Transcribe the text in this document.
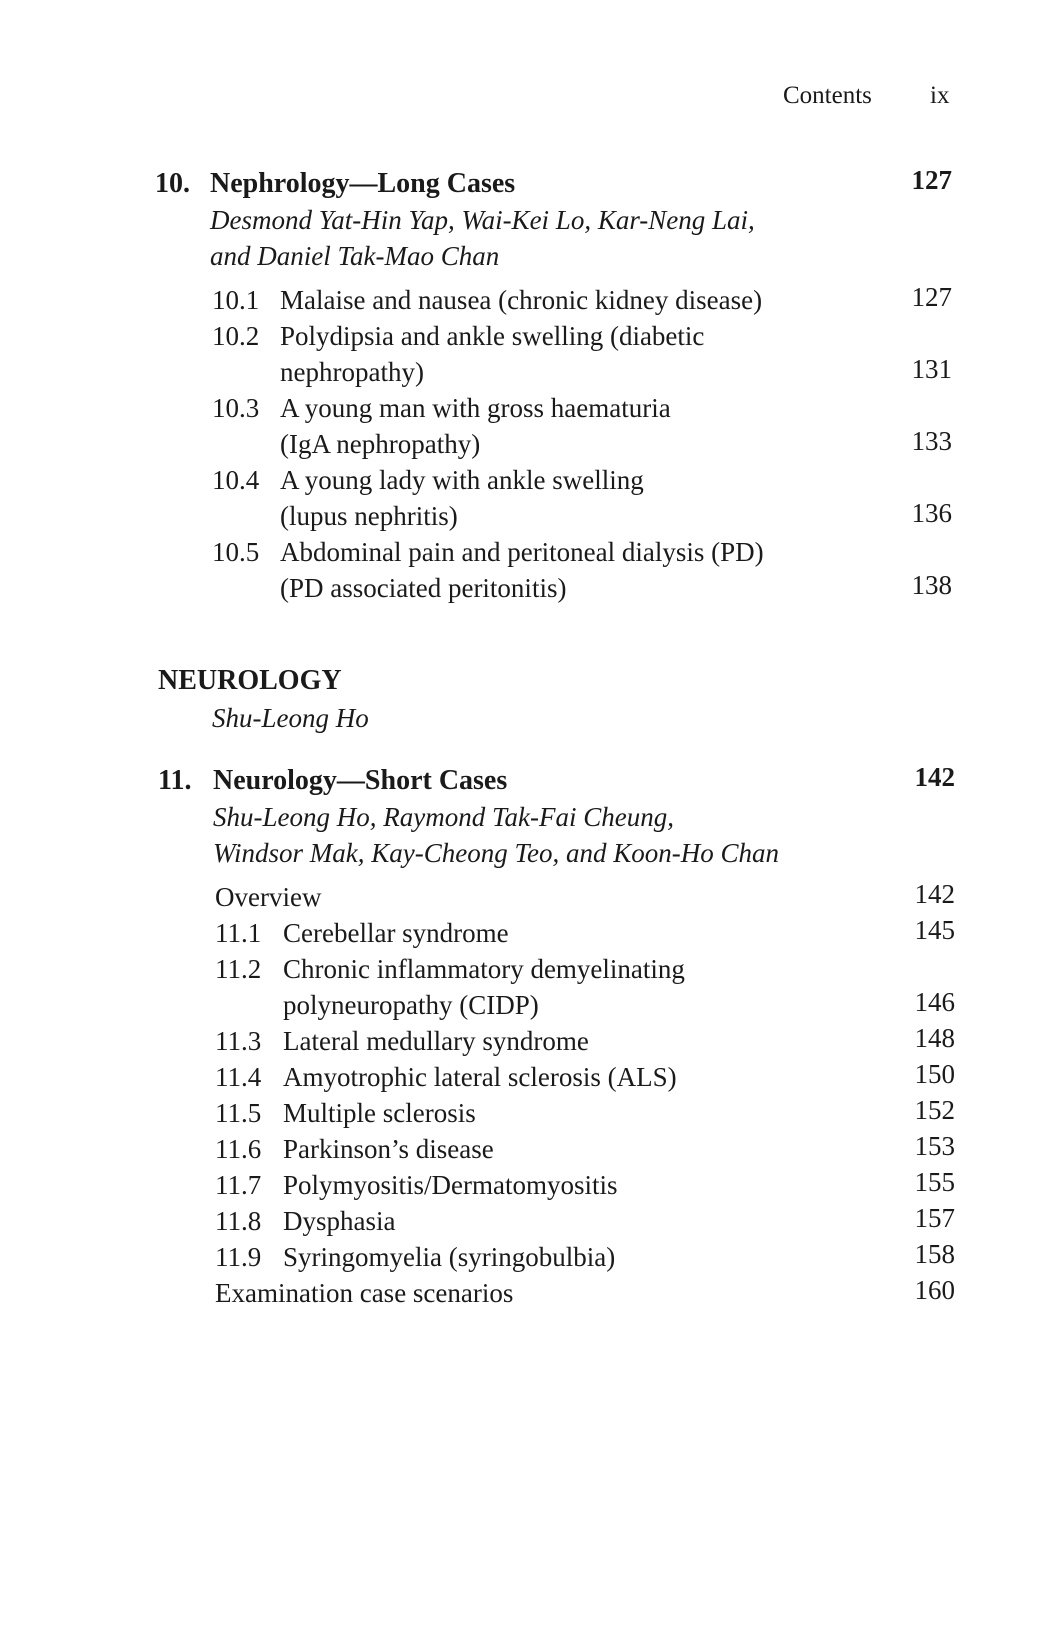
Contents ix
10. Nephrology—Long Cases	127
Desmond Yat-Hin Yap, Wai-Kei Lo, Kar-Neng Lai,
and Daniel Tak-Mao Chan
10.1 Malaise and nausea (chronic kidney disease)	127
10.2 Polydipsia and ankle swelling (diabetic
nephropathy)	131
10.3 A young man with gross haematuria
(IgA nephropathy)	133
10.4 A young lady with ankle swelling
(lupus nephritis)	136
10.5 Abdominal pain and peritoneal dialysis (PD)
(PD associated peritonitis)	138
NEUROLOGY
Shu-Leong Ho
11. Neurology—Short Cases	142
Shu-Leong Ho, Raymond Tak-Fai Cheung,
Windsor Mak, Kay-Cheong Teo, and Koon-Ho Chan
Overview	142
11.1 Cerebellar syndrome	145
11.2 Chronic inflammatory demyelinating
polyneuropathy (CIDP)	146
11.3 Lateral medullary syndrome	148
11.4 Amyotrophic lateral sclerosis (ALS)	150
11.5 Multiple sclerosis	152
11.6 Parkinson’s disease	153
11.7 Polymyositis/Dermatomyositis	155
11.8 Dysphasia	157
11.9 Syringomyelia (syringobulbia)	158
Examination case scenarios	160
